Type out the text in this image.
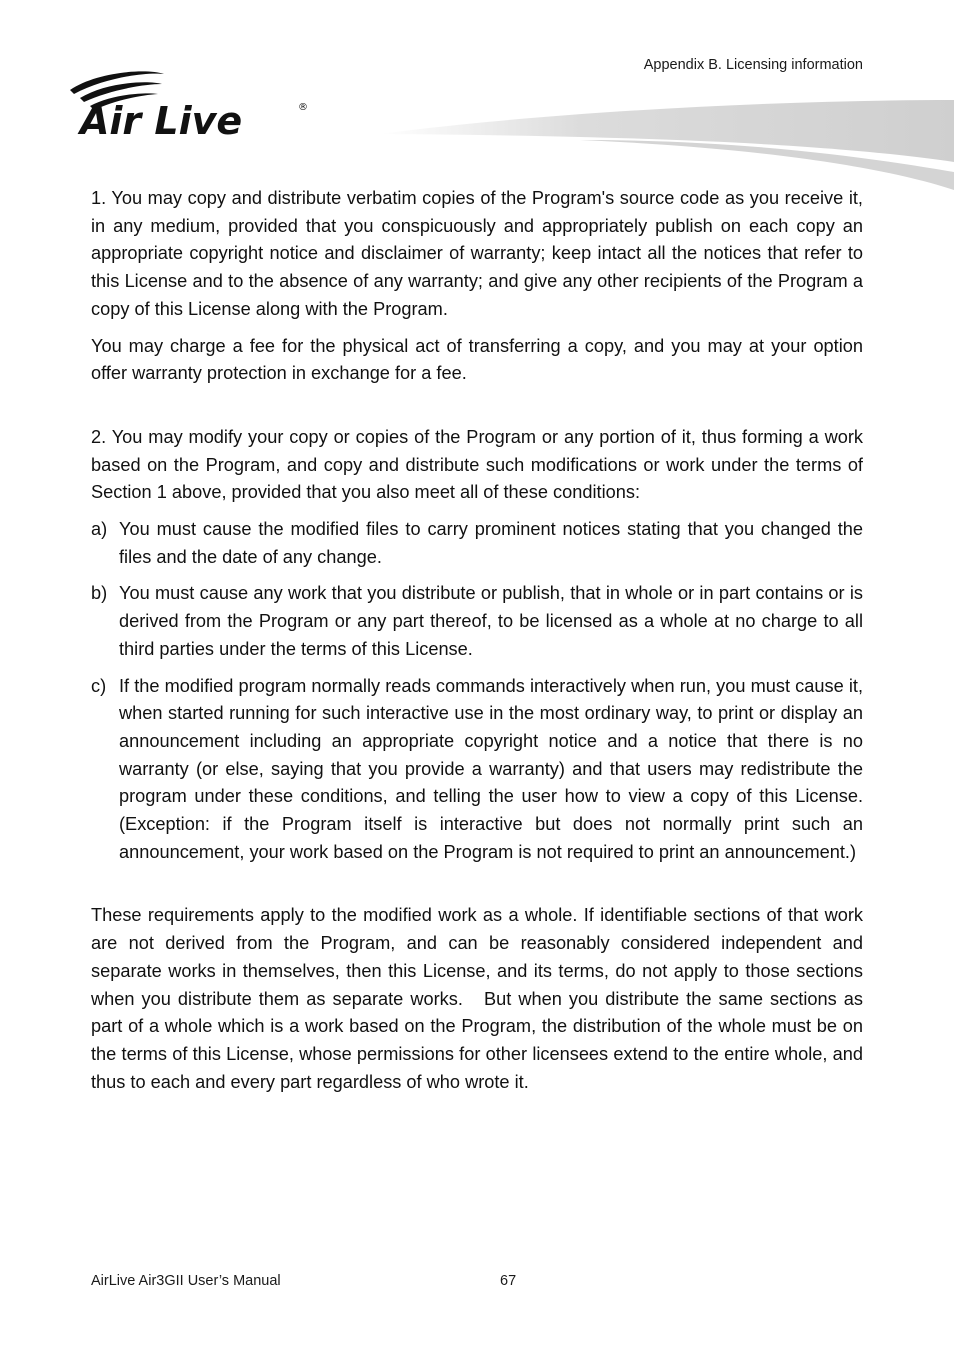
Appendix B. Licensing information
Air Live	®

1. You may copy and distribute verbatim copies of the Program's source code as you receive it, in any medium, provided that you conspicuously and appropriately publish on each copy an appropriate copyright notice and disclaimer of warranty; keep intact all the notices that refer to this License and to the absence of any warranty; and give any other recipients of the Program a copy of this License along with the Program.

You may charge a fee for the physical act of transferring a copy, and you may at your option offer warranty protection in exchange for a fee.

2. You may modify your copy or copies of the Program or any portion of it, thus forming a work based on the Program, and copy and distribute such modifications or work under the terms of Section 1 above, provided that you also meet all of these conditions:

a) You must cause the modified files to carry prominent notices stating that you changed the files and the date of any change.
b) You must cause any work that you distribute or publish, that in whole or in part contains or is derived from the Program or any part thereof, to be licensed as a whole at no charge to all third parties under the terms of this License.
c) If the modified program normally reads commands interactively when run, you must cause it, when started running for such interactive use in the most ordinary way, to print or display an announcement including an appropriate copyright notice and a notice that there is no warranty (or else, saying that you provide a warranty) and that users may redistribute the program under these conditions, and telling the user how to view a copy of this License. (Exception: if the Program itself is interactive but does not normally print such an announcement, your work based on the Program is not required to print an announcement.)

These requirements apply to the modified work as a whole. If identifiable sections of that work are not derived from the Program, and can be reasonably considered independent and separate works in themselves, then this License, and its terms, do not apply to those sections when you distribute them as separate works.   But when you distribute the same sections as part of a whole which is a work based on the Program, the distribution of the whole must be on the terms of this License, whose permissions for other licensees extend to the entire whole, and thus to each and every part regardless of who wrote it.

AirLive Air3GII User’s Manual	67
